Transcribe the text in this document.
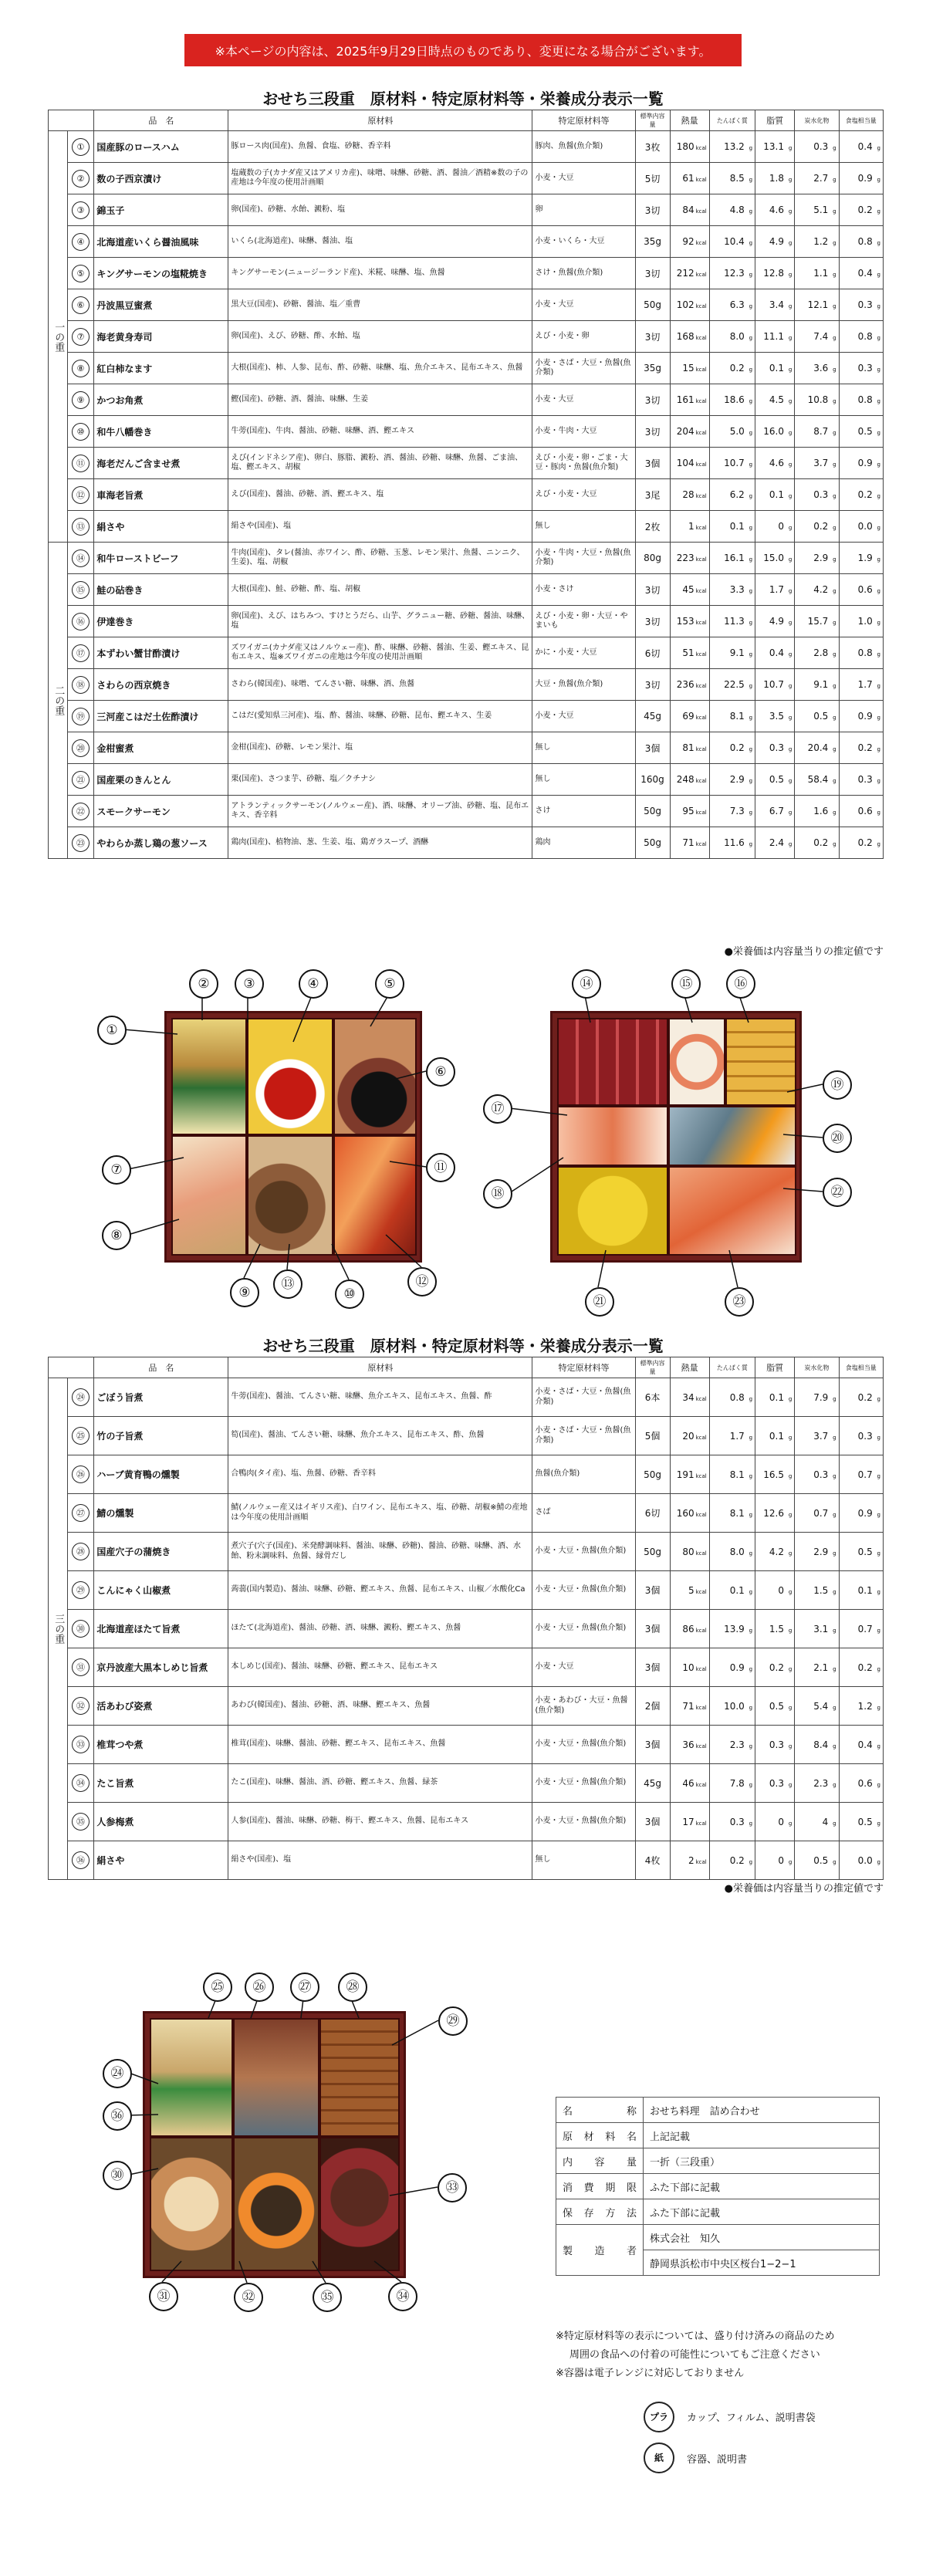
※本ページの内容は、2025年9月29日時点のものであり、変更になる場合がございます。
おせち三段重　原材料・特定原材料等・栄養成分表示一覧
		品　名	原材料	特定原材料等	標準内容量	熱量	たんぱく質	脂質	炭水化物	食塩相当量
一の重	①	国産豚のロースハム	豚ロース肉(国産)、魚醤、食塩、砂糖、香辛料	豚肉、魚醤(魚介類)	3枚	180 kcal	13.2 g	13.1 g	0.3 g	0.4 g
	②	数の子西京漬け	塩蔵数の子(カナダ産又はアメリカ産)、味噌、味醂、砂糖、酒、醤油／酒精※数の子の産地は今年度の使用計画順	小麦・大豆	5切	61 kcal	8.5 g	1.8 g	2.7 g	0.9 g
	③	錦玉子	卵(国産)、砂糖、水飴、澱粉、塩	卵	3切	84 kcal	4.8 g	4.6 g	5.1 g	0.2 g
	④	北海道産いくら醤油風味	いくら(北海道産)、味醂、醤油、塩	小麦・いくら・大豆	35g	92 kcal	10.4 g	4.9 g	1.2 g	0.8 g
	⑤	キングサーモンの塩糀焼き	キングサーモン(ニュージーランド産)、米糀、味醂、塩、魚醤	さけ・魚醤(魚介類)	3切	212 kcal	12.3 g	12.8 g	1.1 g	0.4 g
	⑥	丹波黒豆蜜煮	黒大豆(国産)、砂糖、醤油、塩／重曹	小麦・大豆	50g	102 kcal	6.3 g	3.4 g	12.1 g	0.3 g
	⑦	海老黄身寿司	卵(国産)、えび、砂糖、酢、水飴、塩	えび・小麦・卵	3切	168 kcal	8.0 g	11.1 g	7.4 g	0.8 g
	⑧	紅白柿なます	大根(国産)、柿、人参、昆布、酢、砂糖、味醂、塩、魚介エキス、昆布エキス、魚醤	小麦・さば・大豆・魚醤(魚介類)	35g	15 kcal	0.2 g	0.1 g	3.6 g	0.3 g
	⑨	かつお角煮	鰹(国産)、砂糖、酒、醤油、味醂、生姜	小麦・大豆	3切	161 kcal	18.6 g	4.5 g	10.8 g	0.8 g
	⑩	和牛八幡巻き	牛蒡(国産)、牛肉、醤油、砂糖、味醂、酒、鰹エキス	小麦・牛肉・大豆	3切	204 kcal	5.0 g	16.0 g	8.7 g	0.5 g
	⑪	海老だんご含ませ煮	えび(インドネシア産)、卵白、豚脂、澱粉、酒、醤油、砂糖、味醂、魚醤、ごま油、塩、鰹エキス、胡椒	えび・小麦・卵・ごま・大豆・豚肉・魚醤(魚介類)	3個	104 kcal	10.7 g	4.6 g	3.7 g	0.9 g
	⑫	車海老旨煮	えび(国産)、醤油、砂糖、酒、鰹エキス、塩	えび・小麦・大豆	3尾	28 kcal	6.2 g	0.1 g	0.3 g	0.2 g
	⑬	絹さや	絹さや(国産)、塩	無し	2枚	1 kcal	0.1 g	0 g	0.2 g	0.0 g
二の重	⑭	和牛ローストビーフ	牛肉(国産)、タレ(醤油、赤ワイン、酢、砂糖、玉葱、レモン果汁、魚醤、ニンニク、生姜)、塩、胡椒	小麦・牛肉・大豆・魚醤(魚介類)	80g	223 kcal	16.1 g	15.0 g	2.9 g	1.9 g
	⑮	鮭の砧巻き	大根(国産)、鮭、砂糖、酢、塩、胡椒	小麦・さけ	3切	45 kcal	3.3 g	1.7 g	4.2 g	0.6 g
	⑯	伊達巻き	卵(国産)、えび、はちみつ、すけとうだら、山芋、グラニュー糖、砂糖、醤油、味醂、塩	えび・小麦・卵・大豆・やまいも	3切	153 kcal	11.3 g	4.9 g	15.7 g	1.0 g
	⑰	本ずわい蟹甘酢漬け	ズワイガニ(カナダ産又はノルウェー産)、酢、味醂、砂糖、醤油、生姜、鰹エキス、昆布エキス、塩※ズワイガニの産地は今年度の使用計画順	かに・小麦・大豆	6切	51 kcal	9.1 g	0.4 g	2.8 g	0.8 g
	⑱	さわらの西京焼き	さわら(韓国産)、味噌、てんさい糖、味醂、酒、魚醤	大豆・魚醤(魚介類)	3切	236 kcal	22.5 g	10.7 g	9.1 g	1.7 g
	⑲	三河産こはだ土佐酢漬け	こはだ(愛知県三河産)、塩、酢、醤油、味醂、砂糖、昆布、鰹エキス、生姜	小麦・大豆	45g	69 kcal	8.1 g	3.5 g	0.5 g	0.9 g
	⑳	金柑蜜煮	金柑(国産)、砂糖、レモン果汁、塩	無し	3個	81 kcal	0.2 g	0.3 g	20.4 g	0.2 g
	㉑	国産栗のきんとん	栗(国産)、さつま芋、砂糖、塩／クチナシ	無し	160g	248 kcal	2.9 g	0.5 g	58.4 g	0.3 g
	㉒	スモークサーモン	アトランティックサーモン(ノルウェー産)、酒、味醂、オリーブ油、砂糖、塩、昆布エキス、香辛料	さけ	50g	95 kcal	7.3 g	6.7 g	1.6 g	0.6 g
	㉓	やわらか蒸し鶏の葱ソース	鶏肉(国産)、植物油、葱、生姜、塩、鶏ガラスープ、酒醂	鶏肉	50g	71 kcal	11.6 g	2.4 g	0.2 g	0.2 g
●栄養価は内容量当りの推定値です
おせち三段重　原材料・特定原材料等・栄養成分表示一覧
		品　名	原材料	特定原材料等	標準内容量	熱量	たんぱく質	脂質	炭水化物	食塩相当量
三の重	㉔	ごぼう旨煮	牛蒡(国産)、醤油、てんさい糖、味醂、魚介エキス、昆布エキス、魚醤、酢	小麦・さば・大豆・魚醤(魚介類)	6本	34 kcal	0.8 g	0.1 g	7.9 g	0.2 g
	㉕	竹の子旨煮	筍(国産)、醤油、てんさい糖、味醂、魚介エキス、昆布エキス、酢、魚醤	小麦・さば・大豆・魚醤(魚介類)	5個	20 kcal	1.7 g	0.1 g	3.7 g	0.3 g
	㉖	ハーブ黄育鴨の燻製	合鴨肉(タイ産)、塩、魚醤、砂糖、香辛料	魚醤(魚介類)	50g	191 kcal	8.1 g	16.5 g	0.3 g	0.7 g
	㉗	鯖の燻製	鯖(ノルウェー産又はイギリス産)、白ワイン、昆布エキス、塩、砂糖、胡椒※鯖の産地は今年度の使用計画順	さば	6切	160 kcal	8.1 g	12.6 g	0.7 g	0.9 g
	㉘	国産穴子の蒲焼き	煮穴子(穴子(国産)、米発酵調味料、醤油、味醂、砂糖)、醤油、砂糖、味醂、酒、水飴、粉末調味料、魚醤、縁骨だし	小麦・大豆・魚醤(魚介類)	50g	80 kcal	8.0 g	4.2 g	2.9 g	0.5 g
	㉙	こんにゃく山椒煮	蒟蒻(国内製造)、醤油、味醂、砂糖、鰹エキス、魚醤、昆布エキス、山椒／水酸化Ca	小麦・大豆・魚醤(魚介類)	3個	5 kcal	0.1 g	0 g	1.5 g	0.1 g
	㉚	北海道産ほたて旨煮	ほたて(北海道産)、醤油、砂糖、酒、味醂、澱粉、鰹エキス、魚醤	小麦・大豆・魚醤(魚介類)	3個	86 kcal	13.9 g	1.5 g	3.1 g	0.7 g
	㉛	京丹波産大黒本しめじ旨煮	本しめじ(国産)、醤油、味醂、砂糖、鰹エキス、昆布エキス	小麦・大豆	3個	10 kcal	0.9 g	0.2 g	2.1 g	0.2 g
	㉜	活あわび姿煮	あわび(韓国産)、醤油、砂糖、酒、味醂、鰹エキス、魚醤	小麦・あわび・大豆・魚醤(魚介類)	2個	71 kcal	10.0 g	0.5 g	5.4 g	1.2 g
	㉝	椎茸つや煮	椎茸(国産)、味醂、醤油、砂糖、鰹エキス、昆布エキス、魚醤	小麦・大豆・魚醤(魚介類)	3個	36 kcal	2.3 g	0.3 g	8.4 g	0.4 g
	㉞	たこ旨煮	たこ(国産)、味醂、醤油、酒、砂糖、鰹エキス、魚醤、緑茶	小麦・大豆・魚醤(魚介類)	45g	46 kcal	7.8 g	0.3 g	2.3 g	0.6 g
	㉟	人参梅煮	人参(国産)、醤油、味醂、砂糖、梅干、鰹エキス、魚醤、昆布エキス	小麦・大豆・魚醤(魚介類)	3個	17 kcal	0.3 g	0 g	4 g	0.5 g
	㊱	絹さや	絹さや(国産)、塩	無し	4枚	2 kcal	0.2 g	0 g	0.5 g	0.0 g
●栄養価は内容量当りの推定値です
①
②	③	④	⑤
⑥
⑦
⑧
⑨	⑩
⑪
⑫
⑬
⑭	⑮	⑯
⑰
⑲
⑳
⑱	㉒
㉑	㉓
㉔
㉕	㉖	㉗	㉘
㉙
㉚
㉛	㉜
㉝
㉞
㉟
㊱	名称	おせち料理　詰め合わせ
原材料名	上記記載
内容量	一折（三段重）
消費期限	ふた下部に記載
保存方法	ふた下部に記載
製造者	株式会社　知久
	静岡県浜松市中央区桜台1−2−1
※特定原材料等の表示については、盛り付け済みの商品のため
周囲の食品への付着の可能性についてもご注意ください
※容器は電子レンジに対応しておりません
プラ	カップ、フィルム、説明書袋
紙	容器、説明書
